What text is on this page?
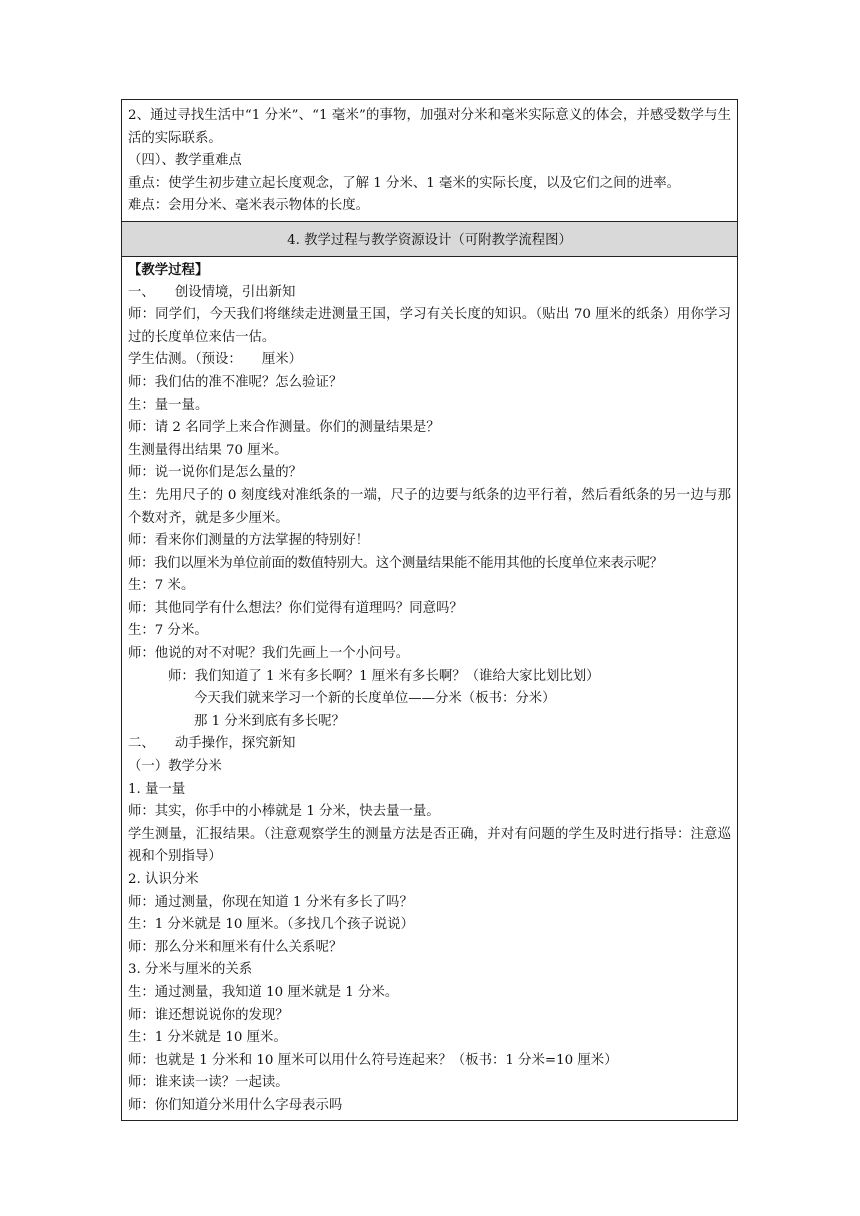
2、通过寻找生活中“1 分米”、“1 毫米”的事物，加强对分米和毫米实际意义的体会，并感受数学与生活的实际联系。
（四）、教学重难点
重点：使学生初步建立起长度观念，了解 1 分米、1 毫米的实际长度，以及它们之间的进率。
难点：会用分米、毫米表示物体的长度。

4. 教学过程与教学资源设计（可附教学流程图）

【教学过程】
一、　　创设情境，引出新知
师：同学们，今天我们将继续走进测量王国，学习有关长度的知识。（贴出 70 厘米的纸条）用你学习过的长度单位来估一估。
学生估测。（预设：　　厘米）
师：我们估的准不准呢？怎么验证？
生：量一量。
师：请 2 名同学上来合作测量。你们的测量结果是？
生测量得出结果 70 厘米。
师：说一说你们是怎么量的？
生：先用尺子的 0 刻度线对准纸条的一端，尺子的边要与纸条的边平行着，然后看纸条的另一边与那个数对齐，就是多少厘米。
师：看来你们测量的方法掌握的特别好！
师：我们以厘米为单位前面的数值特别大。这个测量结果能不能用其他的长度单位来表示呢？
生：7 米。
师：其他同学有什么想法？你们觉得有道理吗？同意吗？
生：7 分米。
师：他说的对不对呢？我们先画上一个小问号。
师：我们知道了 1 米有多长啊？1 厘米有多长啊？（谁给大家比划比划）
今天我们就来学习一个新的长度单位——分米（板书：分米）
那 1 分米到底有多长呢？
二、　　动手操作，探究新知
（一）教学分米
1. 量一量
师：其实，你手中的小棒就是 1 分米，快去量一量。
学生测量，汇报结果。（注意观察学生的测量方法是否正确，并对有问题的学生及时进行指导：注意巡视和个别指导）
2. 认识分米
师：通过测量，你现在知道 1 分米有多长了吗？
生：1 分米就是 10 厘米。（多找几个孩子说说）
师：那么分米和厘米有什么关系呢？
3. 分米与厘米的关系
生：通过测量，我知道 10 厘米就是 1 分米。
师：谁还想说说你的发现？
生：1 分米就是 10 厘米。
师：也就是 1 分米和 10 厘米可以用什么符号连起来？（板书：1 分米=10 厘米）
师：谁来读一读？一起读。
师：你们知道分米用什么字母表示吗
